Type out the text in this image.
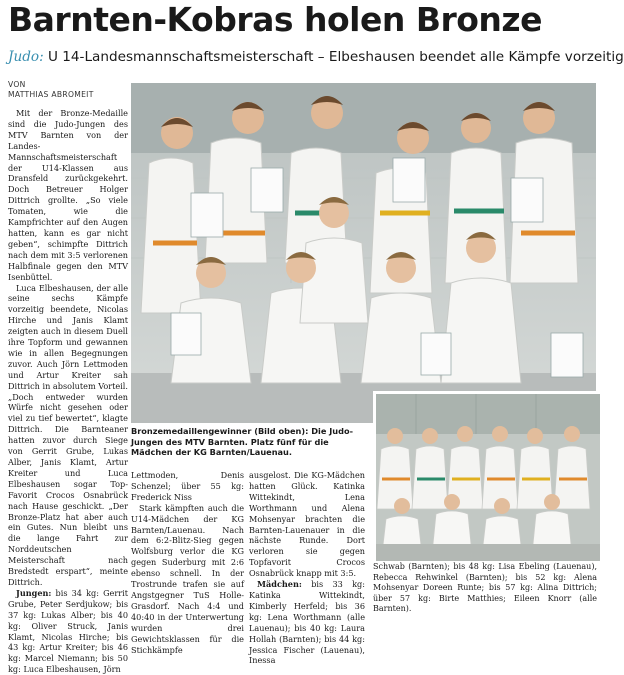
Barnten-Kobras holen Bronze
Judo: U 14-Landesmannschaftsmeisterschaft – Elbeshausen beendet alle Kämpfe vorzeitig
VON
MATTHIAS ABROMEIT

Mit der Bronze-Medaille sind die Judo-Jungen des MTV Barnten von der Landes-Mannschaftsmeisterschaft der U14-Klassen aus Dransfeld zurückgekehrt. Doch Betreuer Holger Dittrich grollte. „So viele Tomaten, wie die Kampfrichter auf den Augen hatten, kann es gar nicht geben“, schimpfte Dittrich nach dem mit 3:5 verlorenen Halbfinale gegen den MTV Isenbüttel.

Luca Elbeshausen, der alle seine sechs Kämpfe vorzeitig beendete, Nicolas Hirche und Janis Klamt zeigten auch in diesem Duell ihre Topform und gewannen wie in allen Begegnungen zuvor. Auch Jörn Lettmoden und Artur Kreiter sah Dittrich in absolutem Vorteil. „Doch entweder wurden Würfe nicht gesehen oder viel zu tief bewertet“, klagte Dittrich. Die Barnteaner hatten zuvor durch Siege von Gerrit Grube, Lukas Alber, Janis Klamt, Artur Kreiter und Luca Elbeshausen sogar Top-Favorit Crocos Osnabrück nach Hause geschickt. „Der Bronze-Platz hat aber auch ein Gutes. Nun bleibt uns die lange Fahrt zur Norddeutschen Meisterschaft nach Bredstedt erspart“, meinte Dittrich.

Jungen: bis 34 kg: Gerrit Grube, Peter Serdjukow; bis 37 kg: Lukas Alber; bis 40 kg: Oliver Struck, Janis Klamt, Nicolas Hirche; bis 43 kg: Artur Kreiter; bis 46 kg: Marcel Niemann; bis 50 kg: Luca Elbeshausen, Jörn

Bronzemedaillengewinner (Bild oben): Die Judo-Jungen des MTV Barnten. Platz fünf für die Mädchen der KG Barnten/Lauenau.

Lettmoden, Denis Schenzel; über 55 kg: Frederick Niss

Stark kämpften auch die U14-Mädchen der KG Barnten/Lauenau. Nach dem 6:2-Blitz-Sieg gegen Wolfsburg verlor die KG gegen Suderburg mit 2:6 ebenso schnell. In der Trostrunde trafen sie auf Angstgegner TuS Holle-Grasdorf. Nach 4:4 und 40:40 in der Unterwertung wurden drei Gewichtsklassen für die Stichkämpfe

ausgelost. Die KG-Mädchen hatten Glück. Katinka Wittekindt, Lena Worthmann und Alena Mohsenyar brachten die Barnten-Lauenauer in die nächste Runde. Dort verloren sie gegen Topfavorit Crocos Osnabrück knapp mit 3:5.

Mädchen: bis 33 kg: Katinka Wittekindt, Kimberly Herfeld; bis 36 kg: Lena Worthmann (alle Lauenau); bis 40 kg: Laura Hollah (Barnten); bis 44 kg: Jessica Fischer (Lauenau), Inessa

Schwab (Barnten); bis 48 kg: Lisa Ebeling (Lauenau), Rebecca Rehwinkel (Barnten); bis 52 kg: Alena Mohsenyar Doreen Runte; bis 57 kg: Alina Dittrich; über 57 kg: Birte Matthies; Eileen Knorr (alle Barnten).
